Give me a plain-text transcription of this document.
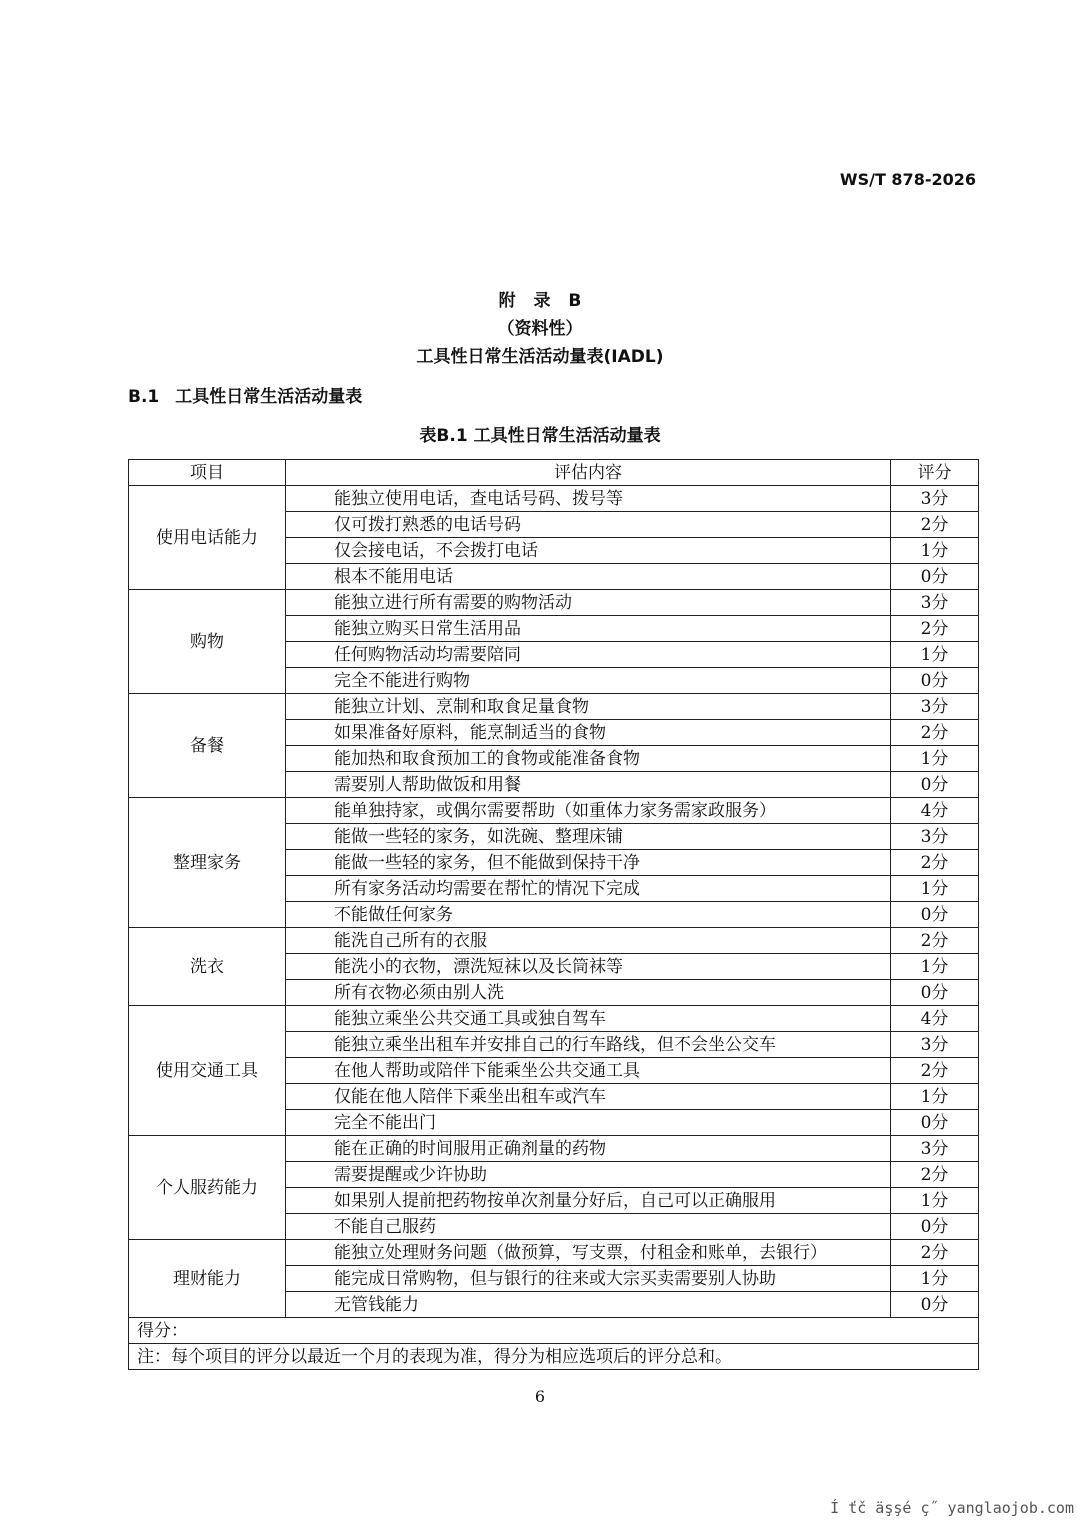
WS/T 878-2026
附 录 B
（资料性）
工具性日常生活活动量表(IADL)
B.1 工具性日常生活活动量表
表B.1 工具性日常生活活动量表
项目	评估内容	评分
使用电话能力	能独立使用电话，查电话号码、拨号等	3分
	仅可拨打熟悉的电话号码	2分
	仅会接电话，不会拨打电话	1分
	根本不能用电话	0分
购物	能独立进行所有需要的购物活动	3分
	能独立购买日常生活用品	2分
	任何购物活动均需要陪同	1分
	完全不能进行购物	0分
备餐	能独立计划、烹制和取食足量食物	3分
	如果准备好原料，能烹制适当的食物	2分
	能加热和取食预加工的食物或能准备食物	1分
	需要别人帮助做饭和用餐	0分
整理家务	能单独持家，或偶尔需要帮助（如重体力家务需家政服务）	4分
	能做一些轻的家务，如洗碗、整理床铺	3分
	能做一些轻的家务，但不能做到保持干净	2分
	所有家务活动均需要在帮忙的情况下完成	1分
	不能做任何家务	0分
洗衣	能洗自己所有的衣服	2分
	能洗小的衣物，漂洗短袜以及长筒袜等	1分
	所有衣物必须由别人洗	0分
使用交通工具	能独立乘坐公共交通工具或独自驾车	4分
	能独立乘坐出租车并安排自己的行车路线，但不会坐公交车	3分
	在他人帮助或陪伴下能乘坐公共交通工具	2分
	仅能在他人陪伴下乘坐出租车或汽车	1分
	完全不能出门	0分
个人服药能力	能在正确的时间服用正确剂量的药物	3分
	需要提醒或少许协助	2分
	如果别人提前把药物按单次剂量分好后，自己可以正确服用	1分
	不能自己服药	0分
理财能力	能独立处理财务问题（做预算，写支票，付租金和账单，去银行）	2分
	能完成日常购物，但与银行的往来或大宗买卖需要别人协助	1分
	无管钱能力	0分
得分：		
注：每个项目的评分以最近一个月的表现为准，得分为相应选项后的评分总和。		
6
Í ťč äşşé ç˝ yanglaojob.com
